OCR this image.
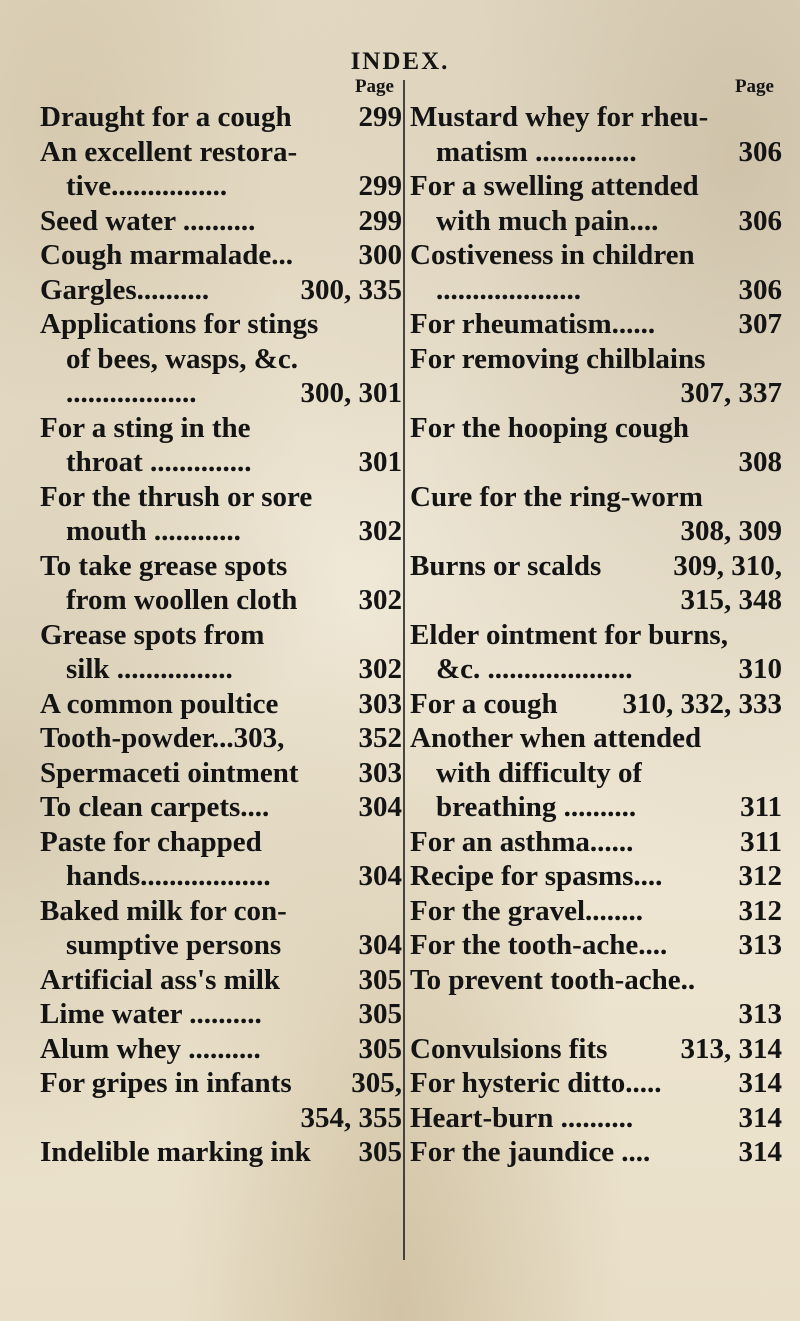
INDEX.
Page
Draught for a cough 299
An excellent restora-
tive................	299
Seed water ..........	299
Cough marmalade... 300
Gargles..........	300, 335
Applications for stings
of bees, wasps, &c.
..................	300, 301
For a sting in the
throat ..............	301
For the thrush or sore
mouth ............	302
To take grease spots
from woollen cloth 302
Grease spots from
silk ................	302
A common poultice	303
Tooth-powder...303,	352
Spermaceti ointment 303
To clean carpets....	304
Paste for chapped
hands..................	304
Baked milk for con-
sumptive persons	304
Artificial ass's milk	305
Lime water ..........	305
Alum whey ..........	305
For gripes in infants 305,
354, 355
Indelible marking ink 305
Page
Mustard whey for rheu-
matism ..............	306
For a swelling attended
with much pain....	306
Costiveness in children
....................	306
For rheumatism......	307
For removing chilblains
307, 337
For the hooping cough
308
Cure for the ring-worm
308, 309
Burns or scalds 309, 310,
315, 348
Elder ointment for burns,
&c. ....................	310
For a cough 310, 332, 333
Another when attended
with difficulty of
breathing ..........	311
For an asthma......	311
Recipe for spasms....	312
For the gravel........	312
For the tooth-ache.... 313
To prevent tooth-ache..
313
Convulsions fits	313, 314
For hysteric ditto.....	314
Heart-burn ..........	314
For the jaundice ....	314
